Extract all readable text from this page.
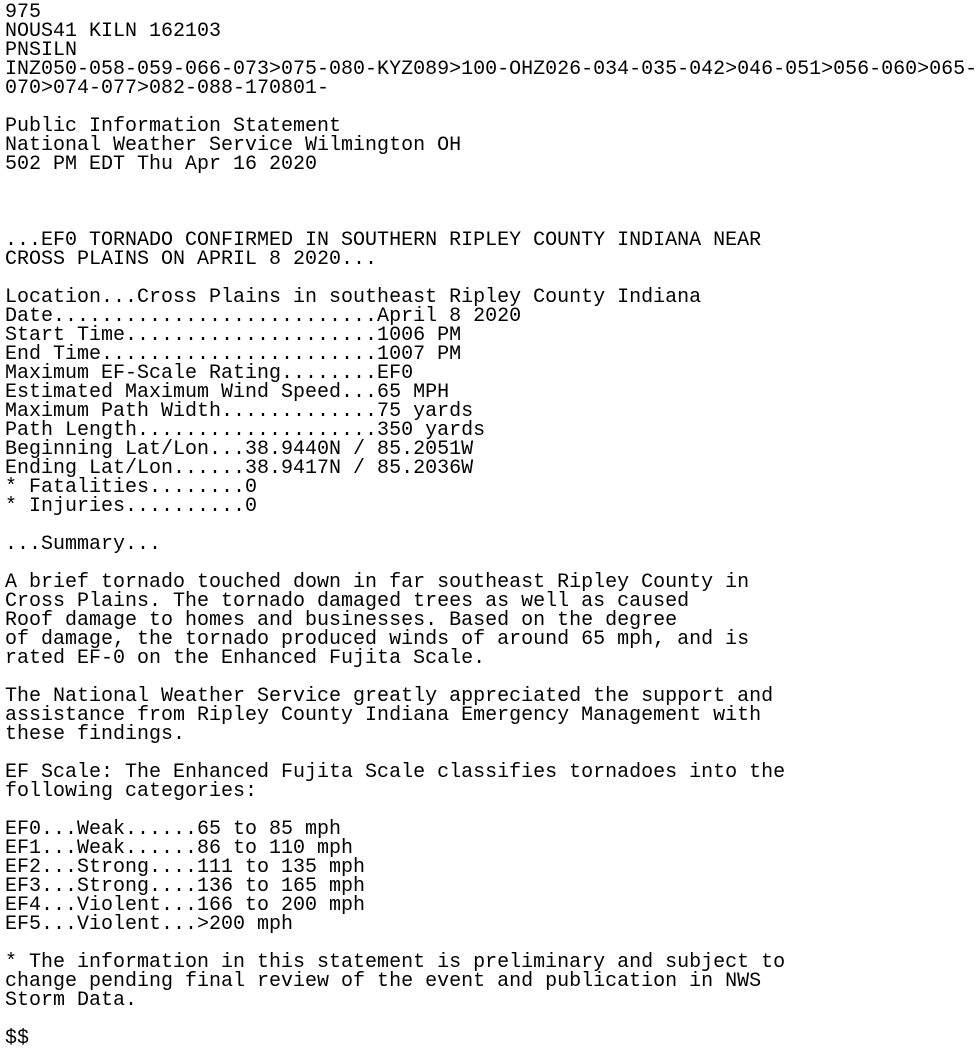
975
NOUS41 KILN 162103
PNSILN
INZ050-058-059-066-073>075-080-KYZ089>100-OHZ026-034-035-042>046-051>056-060>065-
070>074-077>082-088-170801-
Public Information Statement
National Weather Service Wilmington OH
502 PM EDT Thu Apr 16 2020
...EF0 TORNADO CONFIRMED IN SOUTHERN RIPLEY COUNTY INDIANA NEAR
CROSS PLAINS ON APRIL 8 2020...
Location...Cross Plains in southeast Ripley County Indiana
Date...........................April 8 2020
Start Time.....................1006 PM
End Time.......................1007 PM
Maximum EF-Scale Rating........EF0
Estimated Maximum Wind Speed...65 MPH
Maximum Path Width.............75 yards
Path Length....................350 yards
Beginning Lat/Lon...38.9440N / 85.2051W
Ending Lat/Lon......38.9417N / 85.2036W
* Fatalities........0
* Injuries..........0
...Summary...
A brief tornado touched down in far southeast Ripley County in
Cross Plains. The tornado damaged trees as well as caused
Roof damage to homes and businesses. Based on the degree
of damage, the tornado produced winds of around 65 mph, and is
rated EF-0 on the Enhanced Fujita Scale.
The National Weather Service greatly appreciated the support and
assistance from Ripley County Indiana Emergency Management with
these findings.
EF Scale: The Enhanced Fujita Scale classifies tornadoes into the
following categories:
EF0...Weak......65 to 85 mph
EF1...Weak......86 to 110 mph
EF2...Strong....111 to 135 mph
EF3...Strong....136 to 165 mph
EF4...Violent...166 to 200 mph
EF5...Violent...>200 mph
* The information in this statement is preliminary and subject to
change pending final review of the event and publication in NWS
Storm Data.
$$
